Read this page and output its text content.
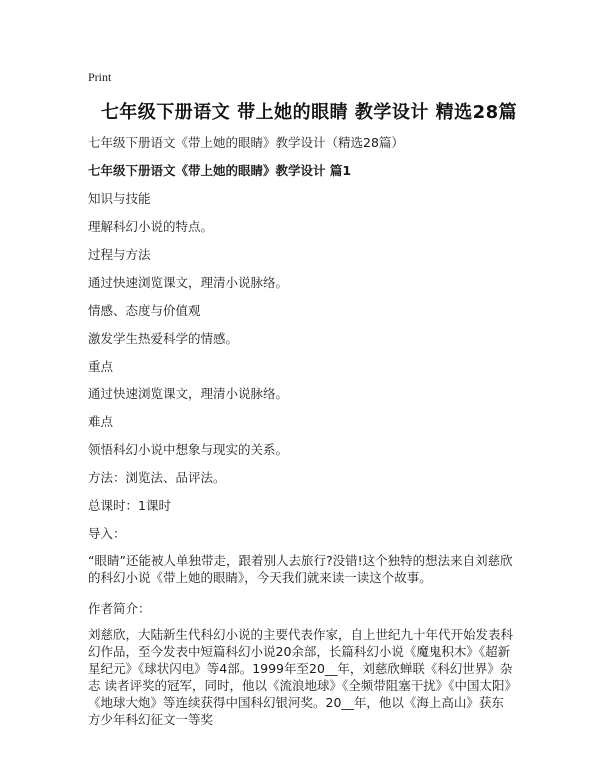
Print
七年级下册语文 带上她的眼睛 教学设计 精选28篇
七年级下册语文《带上她的眼睛》教学设计（精选28篇）
七年级下册语文《带上她的眼睛》教学设计 篇1
知识与技能
理解科幻小说的特点。
过程与方法
通过快速浏览课文，理清小说脉络。
情感、态度与价值观
激发学生热爱科学的情感。
重点
通过快速浏览课文，理清小说脉络。
难点
领悟科幻小说中想象与现实的关系。
方法：浏览法、品评法。
总课时：1课时
导入：
“眼睛”还能被人单独带走，跟着别人去旅行?没错!这个独特的想法来自刘慈欣的科幻小说《带上她的眼睛》，今天我们就来读一读这个故事。
作者简介：
刘慈欣，大陆新生代科幻小说的主要代表作家，自上世纪九十年代开始发表科幻作品，至今发表中短篇科幻小说20余部，长篇科幻小说《魔鬼积木》《超新星纪元》《球状闪电》等4部。1999年至20__年，刘慈欣蝉联《科幻世界》杂志 读者评奖的冠军，同时，他以《流浪地球》《全频带阻塞干扰》《中国太阳》《地球大炮》等连续获得中国科幻银河奖。20__年，他以《海上高山》获东方少年科幻征文一等奖
